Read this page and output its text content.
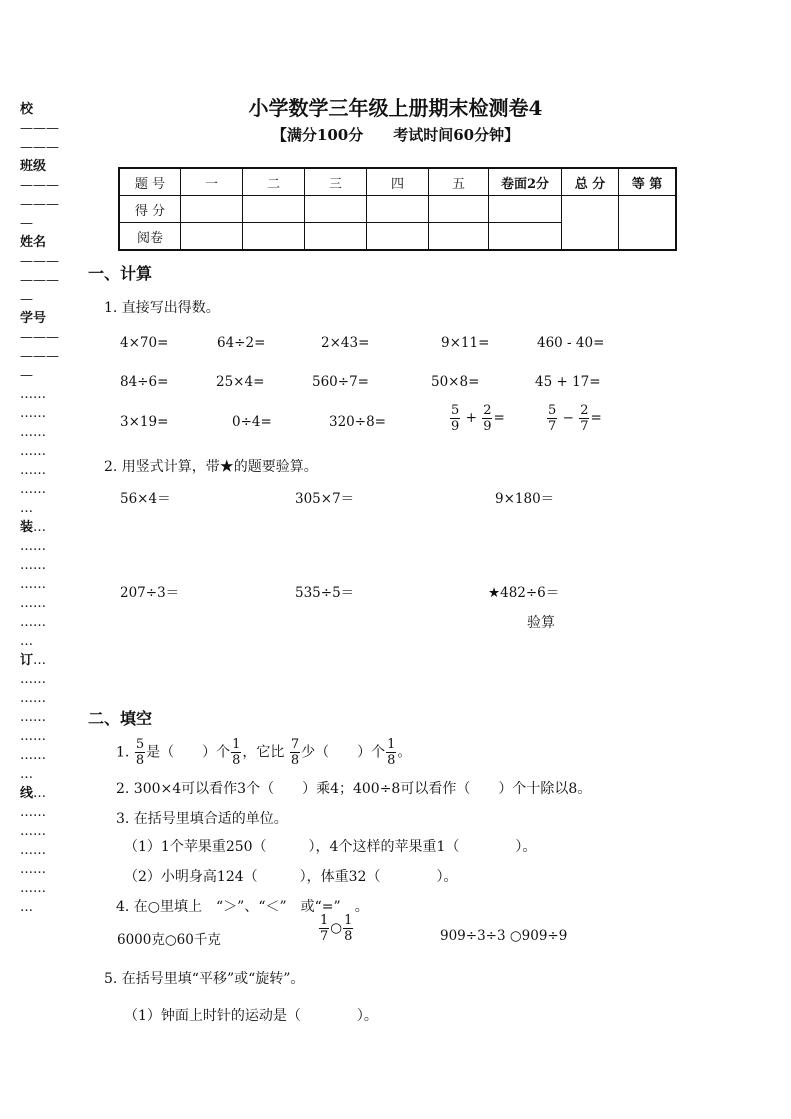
校
———
———
班级
———
———
—
姓名
———
———
—
学号
———
———
—
……
……
……
……
……
……
…
装…
……
……
……
……
……
…
订…
……
……
……
……
……
…
线…
……
……
……
……
……
…
小学数学三年级上册期末检测卷4
【满分100分　　考试时间60分钟】
题 号	一	二	三	四	五	卷面2分	总 分	等 第
得 分								
阅卷								
一、计算
1. 直接写出得数。
4×70=	64÷2=	2×43=	9×11=	460 - 40=
84÷6=	25×4=	560÷7=	50×8=	45 + 17=
3×19=	0÷4=	320÷8=	$\frac{5}{9} + \frac{2}{9}$ =	$\frac{5}{7} - \frac{2}{7}$ =
2. 用竖式计算，带★的题要验算。
56×4＝	305×7＝	9×180＝
207÷3＝	535÷5＝	★482÷6＝
验算
二、填空
1. $\frac{5}{8}$ 是（　　）个 $\frac{1}{8}$ ，它比 $\frac{7}{8}$ 少（　　）个 $\frac{1}{8}$ 。
2. 300×4可以看作3个（　　）乘4；400÷8可以看作（　　）个十除以8。
3. 在括号里填合适的单位。
（1）1个苹果重250（　　　），4个这样的苹果重1（　　　　）。
（2）小明身高124（　　　），体重32（　　　　）。
4. 在○里填上　“＞”、“＜”　或“=”　。
6000克○60千克	$\frac{1}{7}$ ○ $\frac{1}{8}$	909÷3÷3 ○909÷9
5. 在括号里填“平移”或“旋转”。
（1）钟面上时针的运动是（　　　　）。
